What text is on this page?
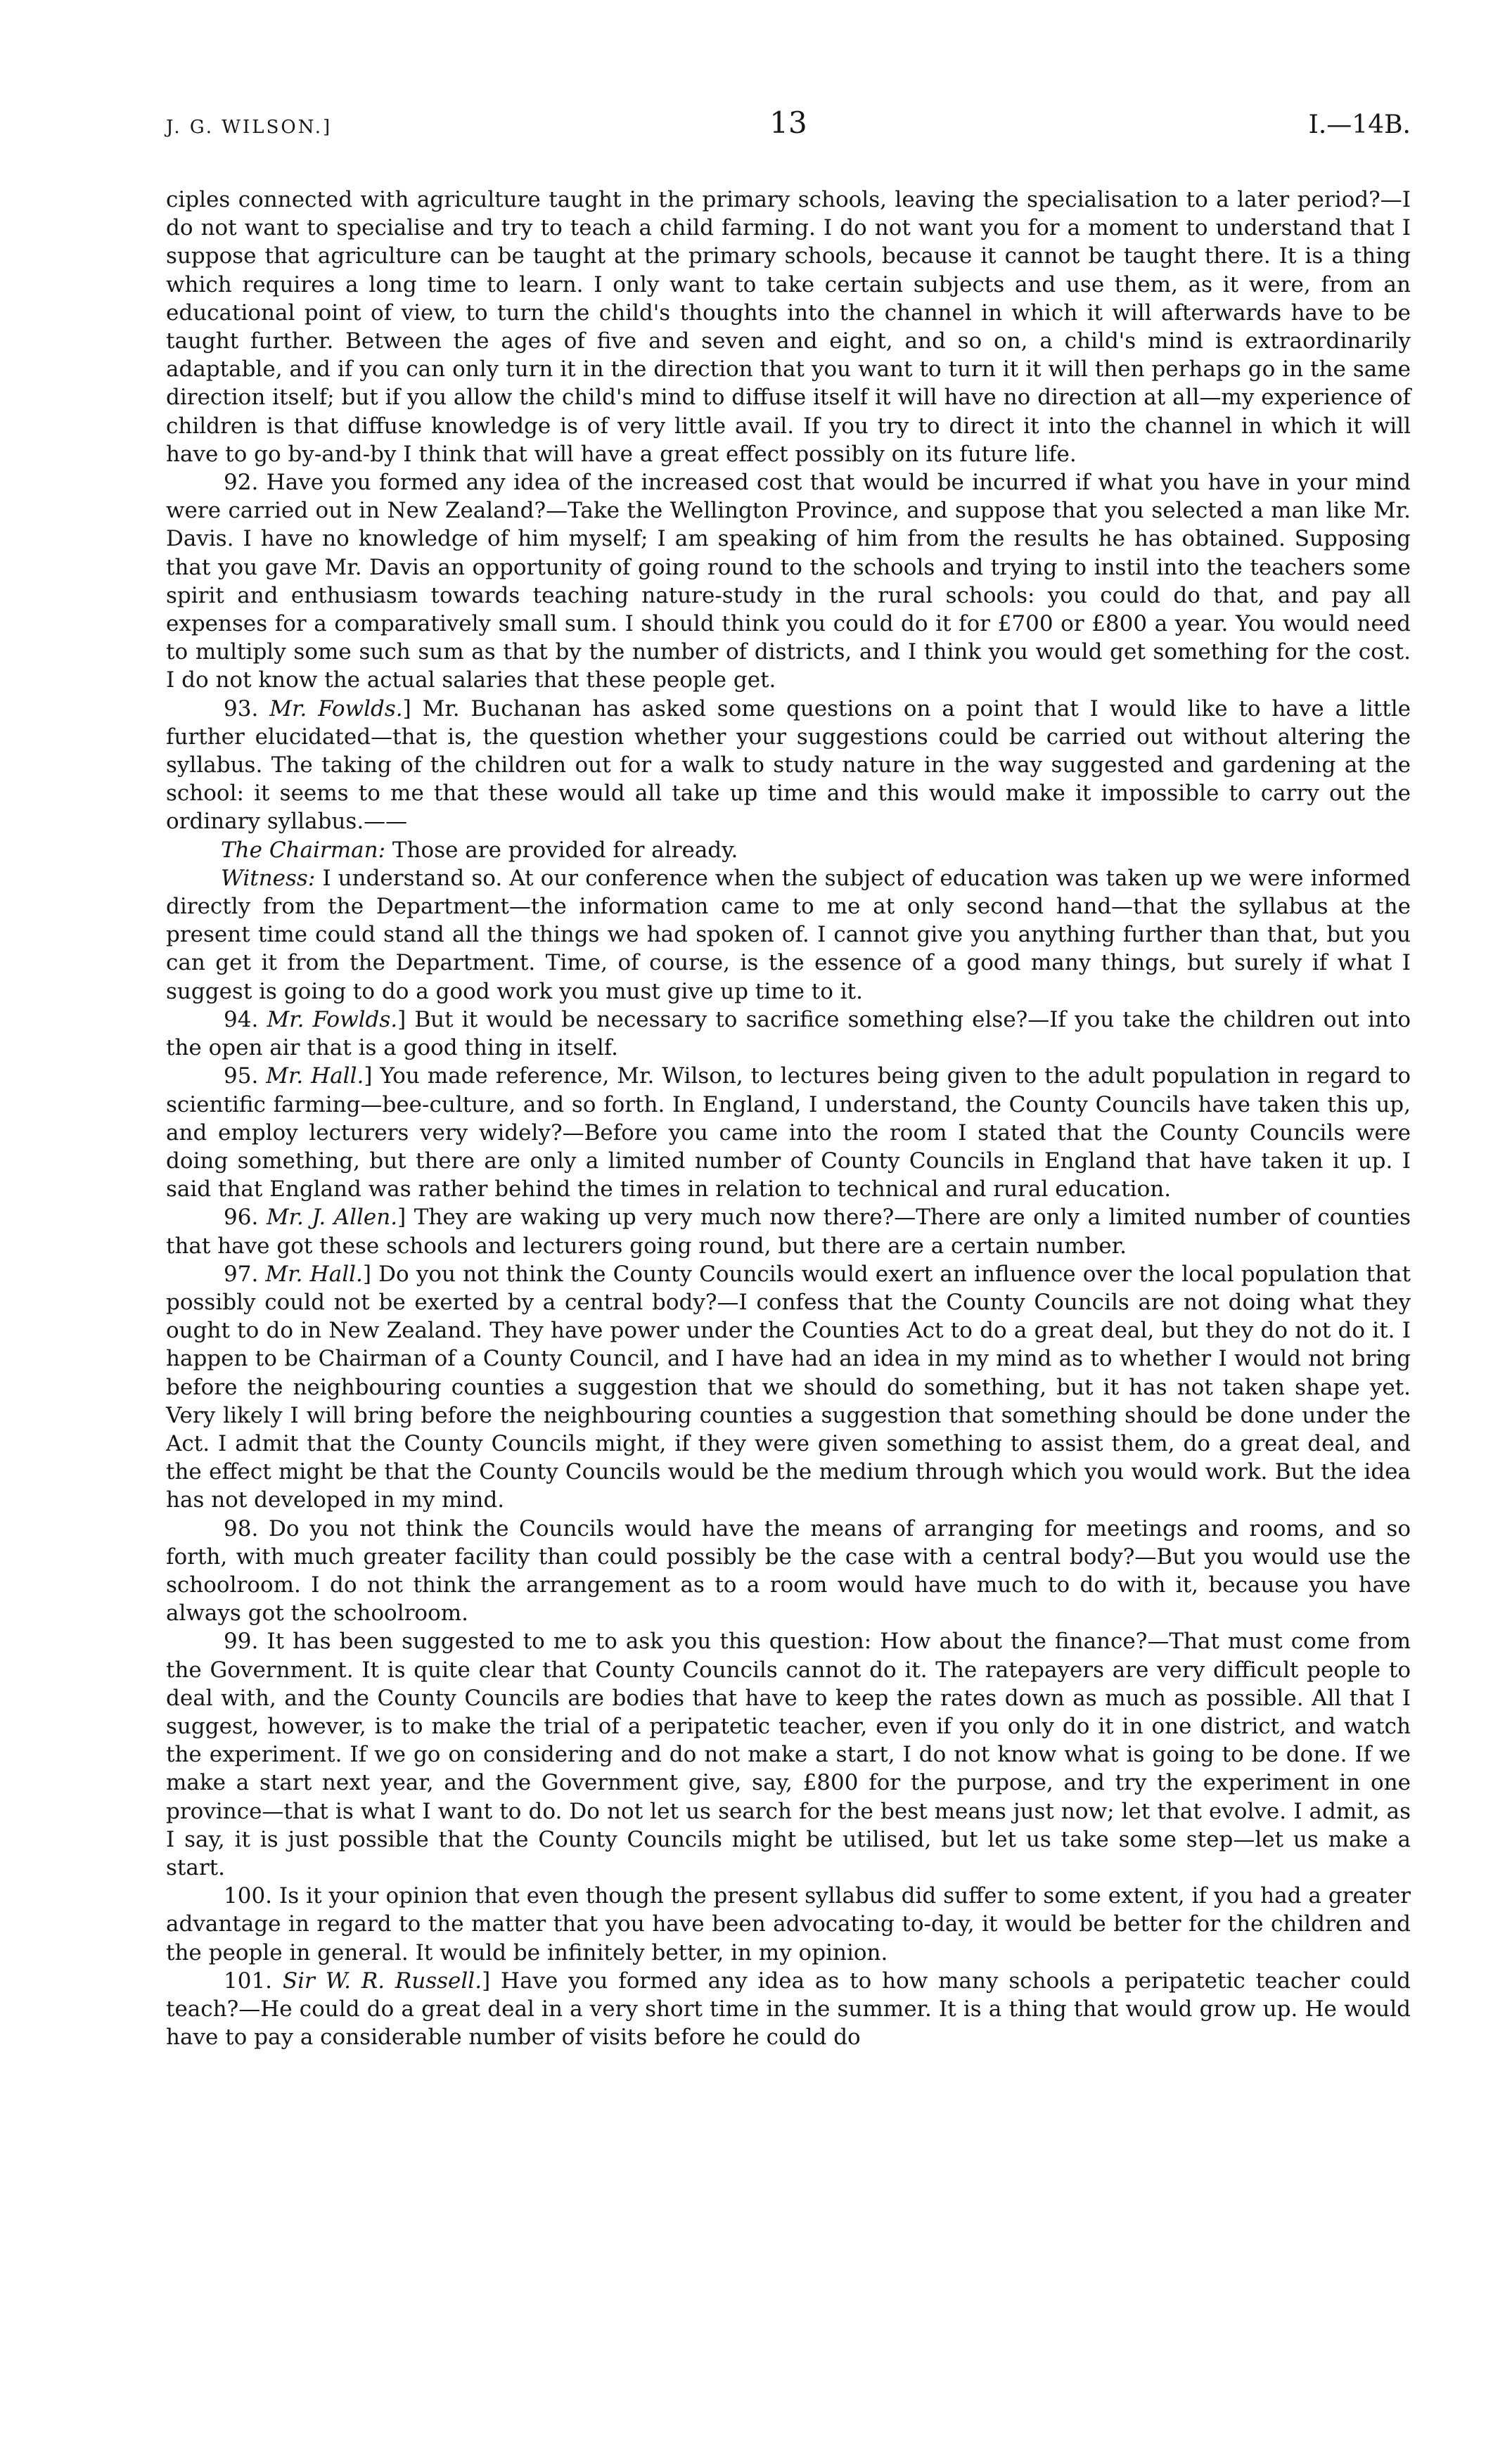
J. G. WILSON.]	13	I.—14B.

ciples connected with agriculture taught in the primary schools, leaving the specialisation to a later period?—I do not want to specialise and try to teach a child farming. I do not want you for a moment to understand that I suppose that agriculture can be taught at the primary schools, because it cannot be taught there. It is a thing which requires a long time to learn. I only want to take certain subjects and use them, as it were, from an educational point of view, to turn the child's thoughts into the channel in which it will afterwards have to be taught further. Between the ages of five and seven and eight, and so on, a child's mind is extraordinarily adaptable, and if you can only turn it in the direction that you want to turn it it will then perhaps go in the same direction itself; but if you allow the child's mind to diffuse itself it will have no direction at all—my experience of children is that diffuse knowledge is of very little avail. If you try to direct it into the channel in which it will have to go by-and-by I think that will have a great effect possibly on its future life.

92. Have you formed any idea of the increased cost that would be incurred if what you have in your mind were carried out in New Zealand?—Take the Wellington Province, and suppose that you selected a man like Mr. Davis. I have no knowledge of him myself; I am speaking of him from the results he has obtained. Supposing that you gave Mr. Davis an opportunity of going round to the schools and trying to instil into the teachers some spirit and enthusiasm towards teaching nature-study in the rural schools: you could do that, and pay all expenses for a comparatively small sum. I should think you could do it for £700 or £800 a year. You would need to multiply some such sum as that by the number of districts, and I think you would get something for the cost. I do not know the actual salaries that these people get.

93. Mr. Fowlds.] Mr. Buchanan has asked some questions on a point that I would like to have a little further elucidated—that is, the question whether your suggestions could be carried out without altering the syllabus. The taking of the children out for a walk to study nature in the way suggested and gardening at the school: it seems to me that these would all take up time and this would make it impossible to carry out the ordinary syllabus.——

The Chairman: Those are provided for already.

Witness: I understand so. At our conference when the subject of education was taken up we were informed directly from the Department—the information came to me at only second hand—that the syllabus at the present time could stand all the things we had spoken of. I cannot give you anything further than that, but you can get it from the Department. Time, of course, is the essence of a good many things, but surely if what I suggest is going to do a good work you must give up time to it.

94. Mr. Fowlds.] But it would be necessary to sacrifice something else?—If you take the children out into the open air that is a good thing in itself.

95. Mr. Hall.] You made reference, Mr. Wilson, to lectures being given to the adult population in regard to scientific farming—bee-culture, and so forth. In England, I understand, the County Councils have taken this up, and employ lecturers very widely?—Before you came into the room I stated that the County Councils were doing something, but there are only a limited number of County Councils in England that have taken it up. I said that England was rather behind the times in relation to technical and rural education.

96. Mr. J. Allen.] They are waking up very much now there?—There are only a limited number of counties that have got these schools and lecturers going round, but there are a certain number.

97. Mr. Hall.] Do you not think the County Councils would exert an influence over the local population that possibly could not be exerted by a central body?—I confess that the County Councils are not doing what they ought to do in New Zealand. They have power under the Counties Act to do a great deal, but they do not do it. I happen to be Chairman of a County Council, and I have had an idea in my mind as to whether I would not bring before the neighbouring counties a suggestion that we should do something, but it has not taken shape yet. Very likely I will bring before the neighbouring counties a suggestion that something should be done under the Act. I admit that the County Councils might, if they were given something to assist them, do a great deal, and the effect might be that the County Councils would be the medium through which you would work. But the idea has not developed in my mind.

98. Do you not think the Councils would have the means of arranging for meetings and rooms, and so forth, with much greater facility than could possibly be the case with a central body?—But you would use the schoolroom. I do not think the arrangement as to a room would have much to do with it, because you have always got the schoolroom.

99. It has been suggested to me to ask you this question: How about the finance?—That must come from the Government. It is quite clear that County Councils cannot do it. The ratepayers are very difficult people to deal with, and the County Councils are bodies that have to keep the rates down as much as possible. All that I suggest, however, is to make the trial of a peripatetic teacher, even if you only do it in one district, and watch the experiment. If we go on considering and do not make a start, I do not know what is going to be done. If we make a start next year, and the Government give, say, £800 for the purpose, and try the experiment in one province—that is what I want to do. Do not let us search for the best means just now; let that evolve. I admit, as I say, it is just possible that the County Councils might be utilised, but let us take some step—let us make a start.

100. Is it your opinion that even though the present syllabus did suffer to some extent, if you had a greater advantage in regard to the matter that you have been advocating to-day, it would be better for the children and the people in general. It would be infinitely better, in my opinion.

101. Sir W. R. Russell.] Have you formed any idea as to how many schools a peripatetic teacher could teach?—He could do a great deal in a very short time in the summer. It is a thing that would grow up. He would have to pay a considerable number of visits before he could do
